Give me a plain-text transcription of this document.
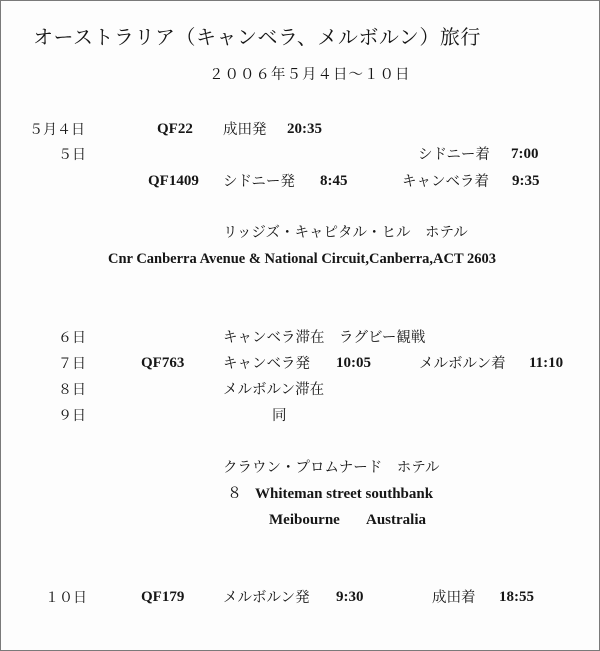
オーストラリア（キャンベラ、メルボルン）旅行
２００６年５月４日〜１０日
５月４日	QF22 成田発 20:35
５日	シドニー着 7:00
QF1409 シドニー発 8:45	キャンベラ着 9:35
リッジズ・キャピタル・ヒル　ホテル
Cnr Canberra Avenue & National Circuit,Canberra,ACT 2603
６日	キャンベラ滞在　ラグビー観戦
７日	QF763	キャンベラ発 10:05	メルボルン着 11:10
８日	メルボルン滞在
９日	同
クラウン・プロムナード　ホテル
８ Whiteman street southbank
Meibourne Australia
１０日	QF179	メルボルン発 9:30	成田着 18:55
